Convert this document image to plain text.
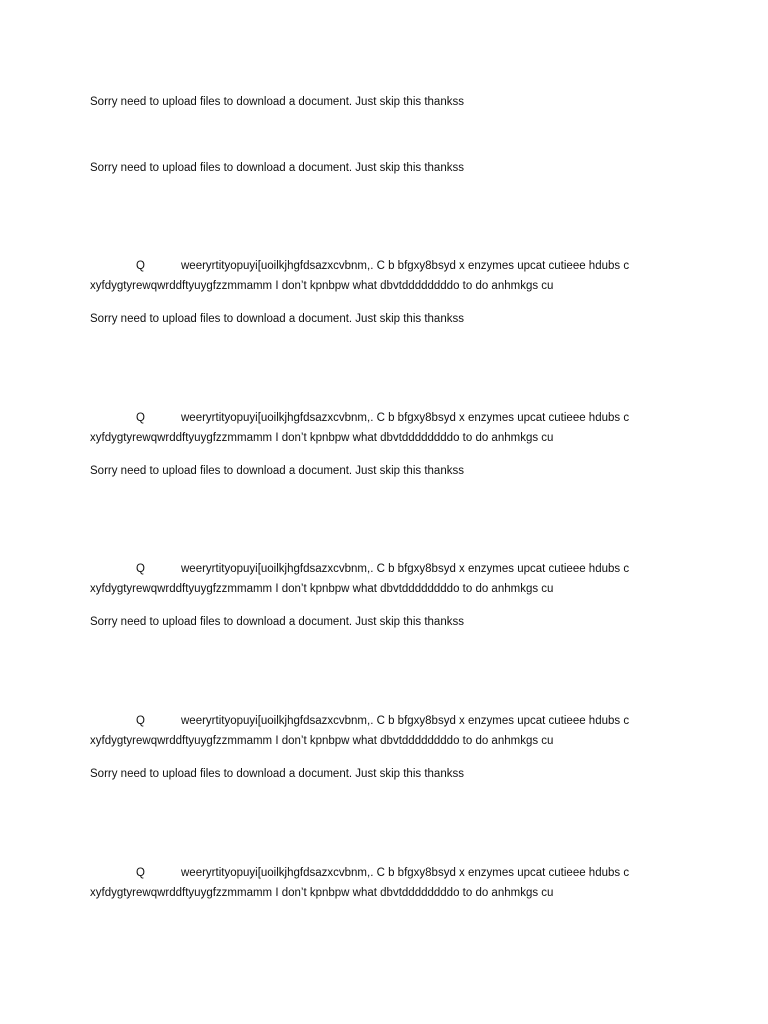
Sorry need to upload files to download a document. Just skip this thankss
Sorry need to upload files to download a document. Just skip this thankss
Q	weeryrtityopuyi[uoilkjhgfdsazxcvbnm,. C b bfgxy8bsyd x enzymes upcat cutieee hdubs c
xyfdygtyrewqwrddftyuygfzzmmamm I don’t kpnbpw what dbvtddddddddo to do anhmkgs cu
Sorry need to upload files to download a document. Just skip this thankss
Q	weeryrtityopuyi[uoilkjhgfdsazxcvbnm,. C b bfgxy8bsyd x enzymes upcat cutieee hdubs c
xyfdygtyrewqwrddftyuygfzzmmamm I don’t kpnbpw what dbvtddddddddo to do anhmkgs cu
Sorry need to upload files to download a document. Just skip this thankss
Q	weeryrtityopuyi[uoilkjhgfdsazxcvbnm,. C b bfgxy8bsyd x enzymes upcat cutieee hdubs c
xyfdygtyrewqwrddftyuygfzzmmamm I don’t kpnbpw what dbvtddddddddo to do anhmkgs cu
Sorry need to upload files to download a document. Just skip this thankss
Q	weeryrtityopuyi[uoilkjhgfdsazxcvbnm,. C b bfgxy8bsyd x enzymes upcat cutieee hdubs c
xyfdygtyrewqwrddftyuygfzzmmamm I don’t kpnbpw what dbvtddddddddo to do anhmkgs cu
Sorry need to upload files to download a document. Just skip this thankss
Q	weeryrtityopuyi[uoilkjhgfdsazxcvbnm,. C b bfgxy8bsyd x enzymes upcat cutieee hdubs c
xyfdygtyrewqwrddftyuygfzzmmamm I don’t kpnbpw what dbvtddddddddo to do anhmkgs cu
